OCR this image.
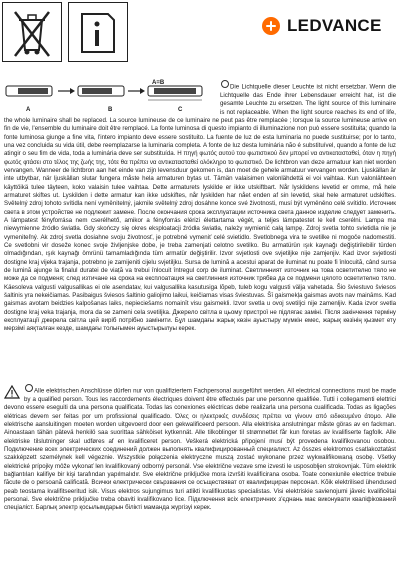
LEDVANCE
Die Lichtquelle dieser Leuchte ist nicht ersetzbar. Wenn die Lichtquelle das Ende ihrer Lebensdauer erreicht hat, ist die gesamte Leuchte zu ersetzen. The light source of this luminaire is not replaceable. When the light source reaches its end of life, the whole luminaire shall be replaced. La source lumineuse de ce luminaire ne peut pas être remplacée ; lorsque la source lumineuse arrive en fin de vie, l'ensemble du luminaire doit être remplacé. La fonte luminosa di questo impianto di illuminazione non può essere sostituita; quando la fonte luminosa giunge a fine vita, l'intero impianto deve essere sostituito. La fuente de luz de esta luminaria no puede sustituirse; por lo tanto, una vez concluida su vida útil, debe reemplazarse la luminaria completa. A fonte de luz desta luminária não é substituível, quando a fonte de luz atingir o seu fim de vida, toda a luminária deve ser substituída. Η πηγή φωτός αυτού του φωτιστικού δεν μπορεί να αντικατασταθεί, όταν η πηγή φωτός φτάσει στο τέλος της ζωής της, τότε θα πρέπει να αντικατασταθεί ολόκληρο το φωτιστικό. De lichtbron van deze armatuur kan niet worden vervangen. Wanneer de lichtbron aan het einde van zijn levensduur gekomen is, dan moet de gehele armatuur vervangen worden. Ljuskällan är inte utbytbar, när ljuskällan slutar fungera måste hela armaturen bytas ut. Tämän valaisimen valonlähdettä ei voi vaihtaa. Kun valonlähteen käyttöikä tulee täyteen, koko valaisin tulee vaihtaa. Dette armaturets lyskilde er ikke utskiftbart. Når lyskildens levetid er omme, må hele armaturet skiftes ut. Lyskilden i dette armatur kan ikke udskiftes, når lyskilden har nået enden af sin levetid, skal hele armaturet udskiftes. Světelný zdroj tohoto svítidla není vyměnitelný, jakmile světelný zdroj dosáhne konce své životnosti, musí být vyměněno celé svítidlo. Источник света в этом устройстве не подлежит замене. После окончания срока эксплуатации источника света данное изделие следует заменить. A lámpatest fényforrása nem cserélhető, amikor a fényforrás elérizi élettartama végét, a teljes lámpatestet le kell cserélni. Lampa ma niewymienne źródło światła. Gdy skończy się okres eksploatacji źródła światła, należy wymienić całą lampę. Zdroj svetla tohto svietidla nie je vymeniteľný. Ak zdroj svetla dosiahne svoju životnosť, je potrebné vymeniť celé svietidlo. Svetlobnega vira te svetilke ni mogoče nadomestiti. Ce svetlobni vir doseže konec svoje življenjske dobe, je treba zamenjati celotno svetilko. Bu armatürün ışık kaynağı değiştirilebilir türden olmadığından, ışık kaynağı ömrünü tamamladığında tüm armatür değiştirilir. Izvor svjetlosti ove svjetiljke nije zamjenjiv. Kad izvor svjetlosti dostigne kraj vijeka trajanja, potrebno je zamijeniti cijelu svjetiljku. Sursa de lumină a acestui aparat de iluminat nu poate fi înlocuită, când sursa de lumină ajunge la finalul duratei de viață va trebui înlocuit întregul corp de iluminat. Светлинният източник на това осветително тяло не може да се подменя; след изтичане на срока на експлоатация на светлинния източник трябва да се подмени цялото осветително тяло. Käesoleva valgusti valgusallikas ei ole asendatav, kui valgusallika kasutusiga lõpeb, tuleb kogu valgusti välja vahetada. Šio šviestuvo šviesos šaltinis yra nekeičiamas. Pasibaigus šviesos šaltinio galiojimo laikui, keičiamas visas šviestuvas. Šī gaismekļa gaismas avots nav maināms. Kad gaismas avotam beidzies kalpošanas laiks, nepieciešams nomainīt visu gaismekli. Izvor svetla u ovoj svetiljci nije zamenljiv. Kada izvor svetla dostigne kraj veka trajanja, mora da se zameni cela svetiljka. Джерело світла в цьому пристрої не підлягає заміні. Після закінчення терміну експлуатації джерела світла цей виріб потрібно замінити. Бұл шамдағы жарық көзін ауыстыру мүмкін емес, жарық көзінің қызмет ету мерзімі аяқталған кезде, шамдағы толығымен ауыстырылуы керек.
A	B	C
A=B
Alle elektrischen Anschlüsse dürfen nur von qualifiziertem Fachpersonal ausgeführt werden. All electrical connections must be made by a qualified person. Tous les raccordements électriques doivent être effectués par une personne qualifiée. Tutti i collegamenti elettrici devono essere eseguiti da una persona qualificata. Todas las conexiones eléctricas debe realizarla una persona cualificada. Todas as ligações elétricas devem ser feitas por um profissional qualificado. Όλες οι ηλεκτρικές συνδέσεις πρέπει να γίνουν από ειδικευμένο άτομο. Alle elektrische aansluitingen moeten worden uitgevoerd door een gekwalificeerd persoon. Alla elektriska anslutningar måste göras av en fackman. Ainoastaan tähän pätevä henkilö saa suorittaa sähköiset kytkennät. Alle tilkoblinger til strømnettet får kun foretas av kvalifiserte fagfolk. Alle elektriske tilslutninger skal udføres af en kvalificeret person. Veškerá elektrická připojení musí být provedena kvalifikovanou osobou. Подключение всех электрических соединений должен выполнять квалифицированный специалист. Az összes elektromos csatlakoztatást szakképzett személynek kell végeznie. Wszystkie połączenia elektryczne muszą zostać wykonane przez wykwalifikowaną osobę. Všetky elektrické prípojky môže vykonať len kvalifikovaný odborný personál. Vse električne vezave sme izvesti le usposobljen strokovnjak. Tüm elektrik bağlantıları kalifiye bir kişi tarafından yapılmalıdır. Sve električne priključke mora izvršiti kvalificirana osoba. Toate conexiunile electrice trebuie făcute de o persoană calificată. Всички електрически свързвания се осъществяват от квалифициран персонал. Kõik elektrilised ühendused peab teostama kvalifitseeritud isik. Visus elektros sujungimus turi atlikti kvalifikuotas specialistas. Visi elektriskie savienojumi jāveic kvalificētai personai. Sve električne priključke treba obaviti kvalifikovano lice. Підключення всіх електричних з'єднань має виконувати кваліфікований спеціаліст. Барлық электр қосылымдарын білікті маманда жүргізуі керек.
